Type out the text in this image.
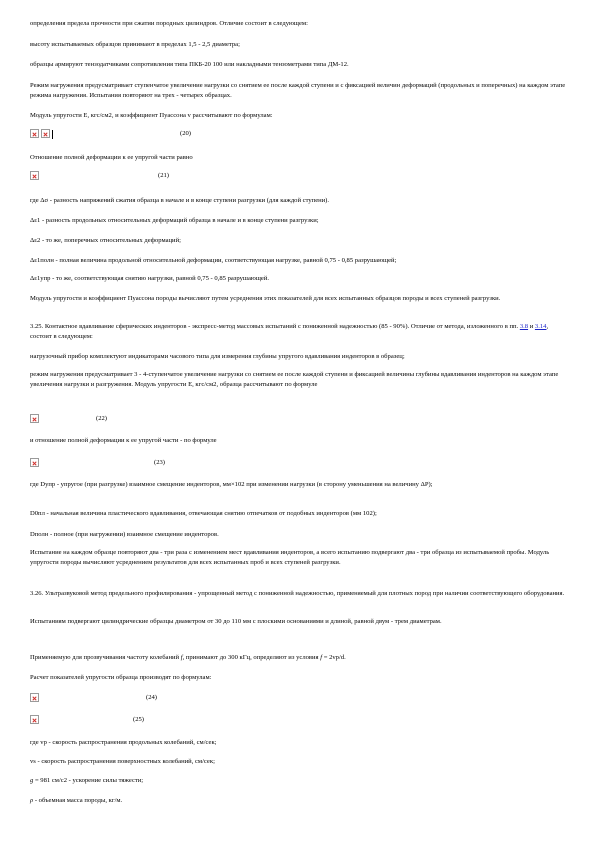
определения предела прочности при сжатии породных цилиндров. Отличие состоит в следующем:

высоту испытываемых образцов принимают в пределах 1,5 - 2,5 диаметра;

образцы армируют тензодатчиками сопротивления типа ПКБ-20 100 или накладными тензометрами типа ДМ-12.

Режим нагружения предусматривает ступенчатое увеличение нагрузки со снятием ее после каждой ступени и с фиксацией величин деформаций (продольных и поперечных) на каждом этапе режима нагружения. Испытания повторяют на трех - четырех образцах.

Модуль упругости Е, кгс/см2, и коэффициент Пуассона v рассчитывают по формулам:

(20)

Отношение полной деформации к ее упругой части равно

(21)

где Δσ - разность напряжений сжатия образца в начале и в конце ступени разгрузки (для каждой ступени).

Δε1 - разность продольных относительных деформаций образца в начале и в конце ступени разгрузки;

Δε2 - то же, поперечных относительных деформаций;

Δε1полн - полная величина продольной относительной деформации, соответствующая нагрузке, равной 0,75 - 0,85 разрушающей;

Δε1упр - то же, соответствующая снятию нагрузки, равной 0,75 - 0,85 разрушающей.

Модуль упругости и коэффициент Пуассона породы вычисляют путем усреднения этих показателей для всех испытанных образцов породы и всех ступеней разгрузки.

3.25. Контактное вдавливание сферических инденторов - экспресс-метод массовых испытаний с пониженной надежностью (85 - 90%). Отличие от метода, изложенного в пп. 3.8 и 3.14, состоит в следующем:

нагрузочный прибор комплектуют индикаторами часового типа для измерения глубины упругого вдавливания инденторов в образец;

режим нагружения предусматривает 3 - 4-ступенчатое увеличение нагрузки со снятием ее после каждой ступени и фиксацией величины глубины вдавливания инденторов на каждом этапе увеличения нагрузки и разгружения. Модуль упругости Е, кгс/см2, образца рассчитывают по формуле

(22)

и отношение полной деформации к ее упругой части - по формуле

(23)

где Dупр - упругое (при разгрузке) взаимное смещение инденторов, мм×102 при изменении нагрузки (в сторону уменьшения на величину ΔP);

D0пл - начальная величина пластического вдавливания, отвечающая снятию отпечатков от подобных инденторов (мм 102);

Dполн - полное (при нагружении) взаимное смещение инденторов.

Испытание на каждом образце повторяют два - три раза с изменением мест вдавливания инденторов, а всего испытанию подвергают два - три образца из испытываемой пробы. Модуль упругости породы вычисляют усреднением результатов для всех испытанных проб и всех ступеней разгрузки.

3.26. Ультразвуковой метод предельного профилирования - упрощенный метод с пониженной надежностью, применяемый для плотных пород при наличии соответствующего оборудования.

Испытаниям подвергают цилиндрические образцы диаметром от 30 до 110 мм с плоскими основаниями и длиной, равной двум - трем диаметрам.

Применяемую для прозвучивания частоту колебаний f, принимают до 300 кГц, определяют из условия f = 2vр/d.

Расчет показателей упругости образца производят по формулам:

(24)
(25)

где vр - скорость распространения продольных колебаний, см/сек;

vs - скорость распространения поверхностных колебаний, см/сек;

g = 981 см/с2 - ускорение силы тяжести;

ρ - объемная масса породы, кг/м.
